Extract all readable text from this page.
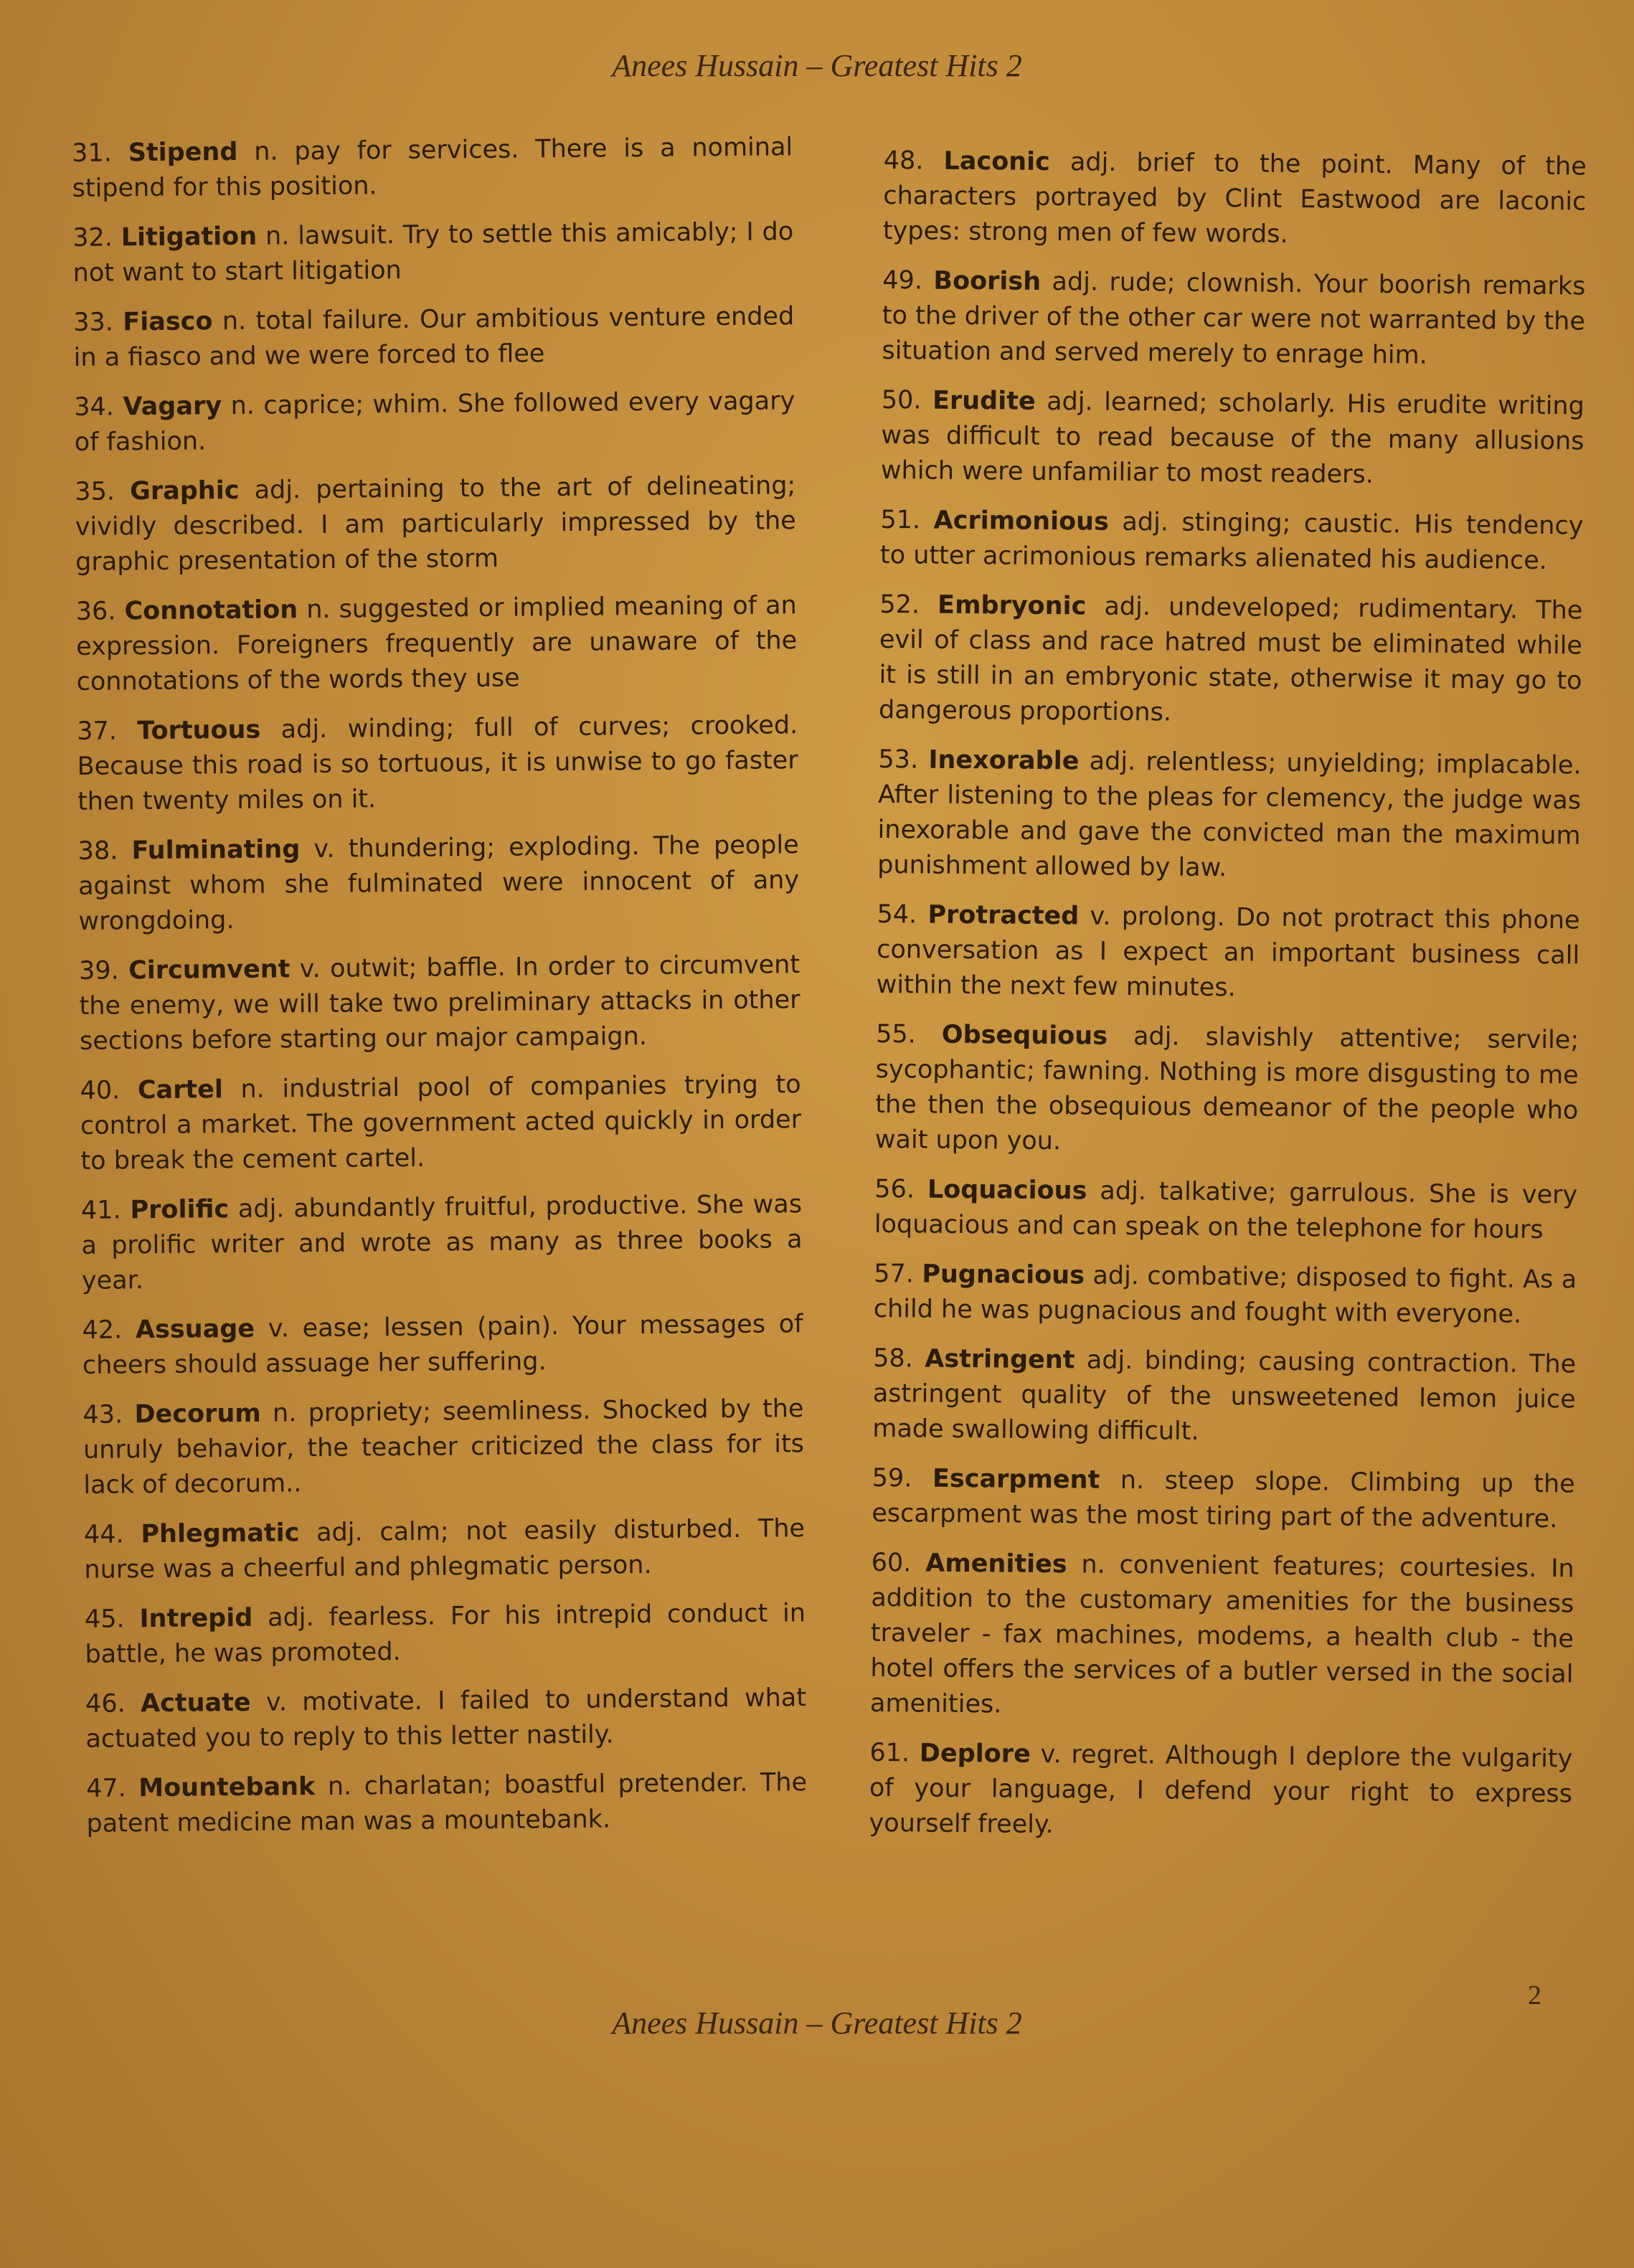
Anees Hussain – Greatest Hits 2
31. Stipend n. pay for services. There is a nominal stipend for this position.
32. Litigation n. lawsuit. Try to settle this amicably; I do not want to start litigation
33. Fiasco n. total failure. Our ambitious venture ended in a fiasco and we were forced to flee
34. Vagary n. caprice; whim. She followed every vagary of fashion.
35. Graphic adj. pertaining to the art of delineating; vividly described. I am particularly impressed by the graphic presentation of the storm
36. Connotation n. suggested or implied meaning of an expression. Foreigners frequently are unaware of the connotations of the words they use
37. Tortuous adj. winding; full of curves; crooked. Because this road is so tortuous, it is unwise to go faster then twenty miles on it.
38. Fulminating v. thundering; exploding. The people against whom she fulminated were innocent of any wrongdoing.
39. Circumvent v. outwit; baffle. In order to circumvent the enemy, we will take two preliminary attacks in other sections before starting our major campaign.
40. Cartel n. industrial pool of companies trying to control a market. The government acted quickly in order to break the cement cartel.
41. Prolific adj. abundantly fruitful, productive. She was a prolific writer and wrote as many as three books a year.
42. Assuage v. ease; lessen (pain). Your messages of cheers should assuage her suffering.
43. Decorum n. propriety; seemliness. Shocked by the unruly behavior, the teacher criticized the class for its lack of decorum..
44. Phlegmatic adj. calm; not easily disturbed. The nurse was a cheerful and phlegmatic person.
45. Intrepid adj. fearless. For his intrepid conduct in battle, he was promoted.
46. Actuate v. motivate. I failed to understand what actuated you to reply to this letter nastily.
47. Mountebank n. charlatan; boastful pretender. The patent medicine man was a mountebank.
48. Laconic adj. brief to the point. Many of the characters portrayed by Clint Eastwood are laconic types: strong men of few words.
49. Boorish adj. rude; clownish. Your boorish remarks to the driver of the other car were not warranted by the situation and served merely to enrage him.
50. Erudite adj. learned; scholarly. His erudite writing was difficult to read because of the many allusions which were unfamiliar to most readers.
51. Acrimonious adj. stinging; caustic. His tendency to utter acrimonious remarks alienated his audience.
52. Embryonic adj. undeveloped; rudimentary. The evil of class and race hatred must be eliminated while it is still in an embryonic state, otherwise it may go to dangerous proportions.
53. Inexorable adj. relentless; unyielding; implacable. After listening to the pleas for clemency, the judge was inexorable and gave the convicted man the maximum punishment allowed by law.
54. Protracted v. prolong. Do not protract this phone conversation as I expect an important business call within the next few minutes.
55. Obsequious adj. slavishly attentive; servile; sycophantic; fawning. Nothing is more disgusting to me the then the obsequious demeanor of the people who wait upon you.
56. Loquacious adj. talkative; garrulous. She is very loquacious and can speak on the telephone for hours
57. Pugnacious adj. combative; disposed to fight. As a child he was pugnacious and fought with everyone.
58. Astringent adj. binding; causing contraction. The astringent quality of the unsweetened lemon juice made swallowing difficult.
59. Escarpment n. steep slope. Climbing up the escarpment was the most tiring part of the adventure.
60. Amenities n. convenient features; courtesies. In addition to the customary amenities for the business traveler - fax machines, modems, a health club - the hotel offers the services of a butler versed in the social amenities.
61. Deplore v. regret. Although I deplore the vulgarity of your language, I defend your right to express yourself freely.
Anees Hussain – Greatest Hits 2
2
